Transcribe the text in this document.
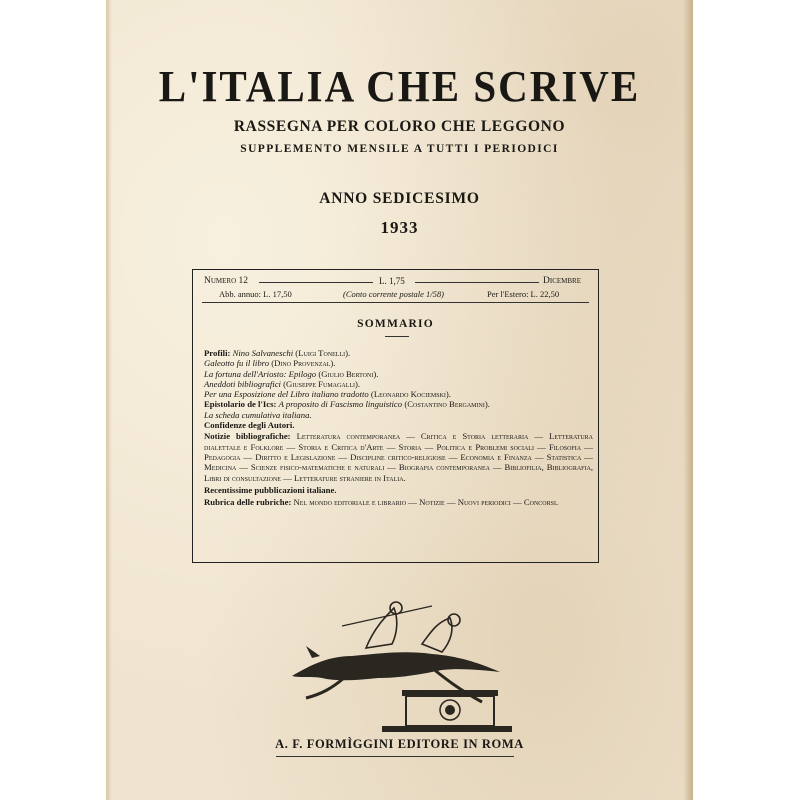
L'ITALIA CHE SCRIVE
RASSEGNA PER COLORO CHE LEGGONO
SUPPLEMENTO MENSILE A TUTTI I PERIODICI
ANNO SEDICESIMO
1933
Numero 12	L. 1,75	Dicembre
Abb. annuo: L. 17,50	(Conto corrente postale 1/58)	Per l'Estero: L. 22,50
SOMMARIO

Profili: Nino Salvaneschi (Luigi Tonelli).

Galeotto fu il libro (Dino Provenzal).

La fortuna dell'Ariosto: Epilogo (Giulio Bertoni).

Aneddoti bibliografici (Giuseppe Fumagalli).

Per una Esposizione del Libro italiano tradotto (Leonardo Kociemski).

Epistolario de l'Ics: A proposito di Fascismo linguistico (Costantino Bergamini).

La scheda cumulativa italiana.

Confidenze degli Autori.

Notizie bibliografiche: Letteratura contemporanea — Critica e Storia letteraria — Letteratura dialettale e Folklore — Storia e Critica d'Arte — Storia — Politica e Problemi sociali — Filosofia — Pedagogia — Diritto e Legislazione — Discipline critico-religiose — Economia e Finanza — Statistica — Medicina — Scienze fisico-matematiche e naturali — Biografia contemporanea — Bibliofilia, Bibliografia, Libri di consultazione — Letterature straniere in Italia.

Recentissime pubblicazioni italiane.

Rubrica delle rubriche: Nel mondo editoriale e librario — Notizie — Nuovi periodici — Concorsi.

A. F. FORMÌGGINI EDITORE IN ROMA
